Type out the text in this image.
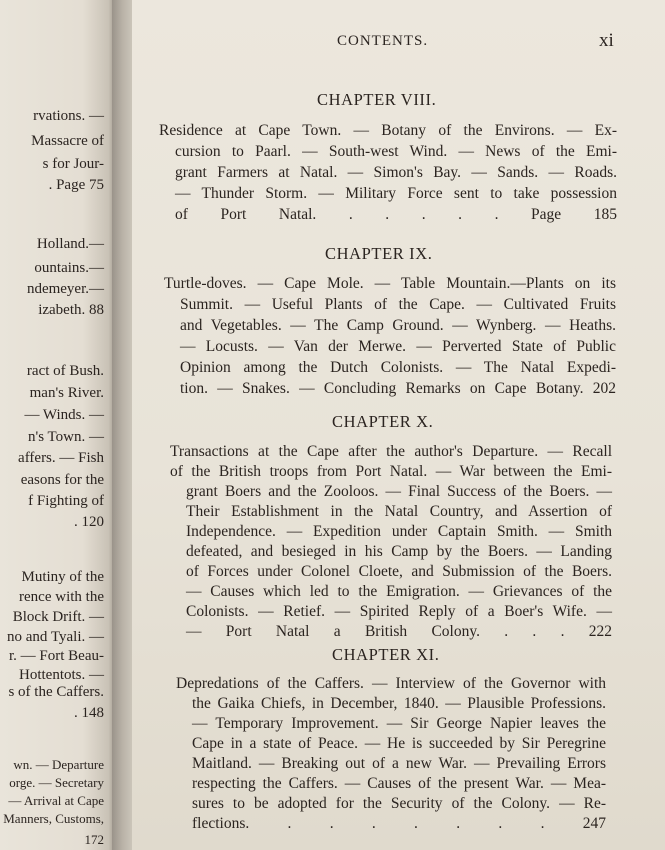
rvations. —
Massacre of
s for Jour-
. Page 75
Holland.—
ountains.—
ndemeyer.—
izabeth. 88
ract of Bush.
man's River.
— Winds. —
n's Town. —
affers. — Fish
easons for the
f Fighting of
. 120
Mutiny of the
rence with the
Block Drift. —
no and Tyali. —
r. — Fort Beau-
Hottentots. —
s of the Caffers.
. 148
wn. — Departure
orge. — Secretary
— Arrival at Cape
Manners, Customs,
172
CONTENTS.	xi
CHAPTER VIII.
Residence at Cape Town. — Botany of the Environs. — Ex-
cursion to Paarl. — South-west Wind. — News of the Emi-
grant Farmers at Natal. — Simon's Bay. — Sands. — Roads.
— Thunder Storm. — Military Force sent to take possession
of Port Natal. . . . . . Page 185
CHAPTER IX.
Turtle-doves. — Cape Mole. — Table Mountain.—Plants on its
Summit. — Useful Plants of the Cape. — Cultivated Fruits
and Vegetables. — The Camp Ground. — Wynberg. — Heaths.
— Locusts. — Van der Merwe. — Perverted State of Public
Opinion among the Dutch Colonists. — The Natal Expedi-
tion. — Snakes. — Concluding Remarks on Cape Botany. 202
CHAPTER X.
Transactions at the Cape after the author's Departure. — Recall
of the British troops from Port Natal. — War between the Emi-
grant Boers and the Zooloos. — Final Success of the Boers. —
Their Establishment in the Natal Country, and Assertion of
Independence. — Expedition under Captain Smith. — Smith
defeated, and besieged in his Camp by the Boers. — Landing
of Forces under Colonel Cloete, and Submission of the Boers.
— Causes which led to the Emigration. — Grievances of the
Colonists. — Retief. — Spirited Reply of a Boer's Wife. —
— Port Natal a British Colony. . . . 222
CHAPTER XI.
Depredations of the Caffers. — Interview of the Governor with
the Gaika Chiefs, in December, 1840. — Plausible Professions.
— Temporary Improvement. — Sir George Napier leaves the
Cape in a state of Peace. — He is succeeded by Sir Peregrine
Maitland. — Breaking out of a new War. — Prevailing Errors
respecting the Caffers. — Causes of the present War. — Mea-
sures to be adopted for the Security of the Colony. — Re-
flections. . . . . . . . 247
